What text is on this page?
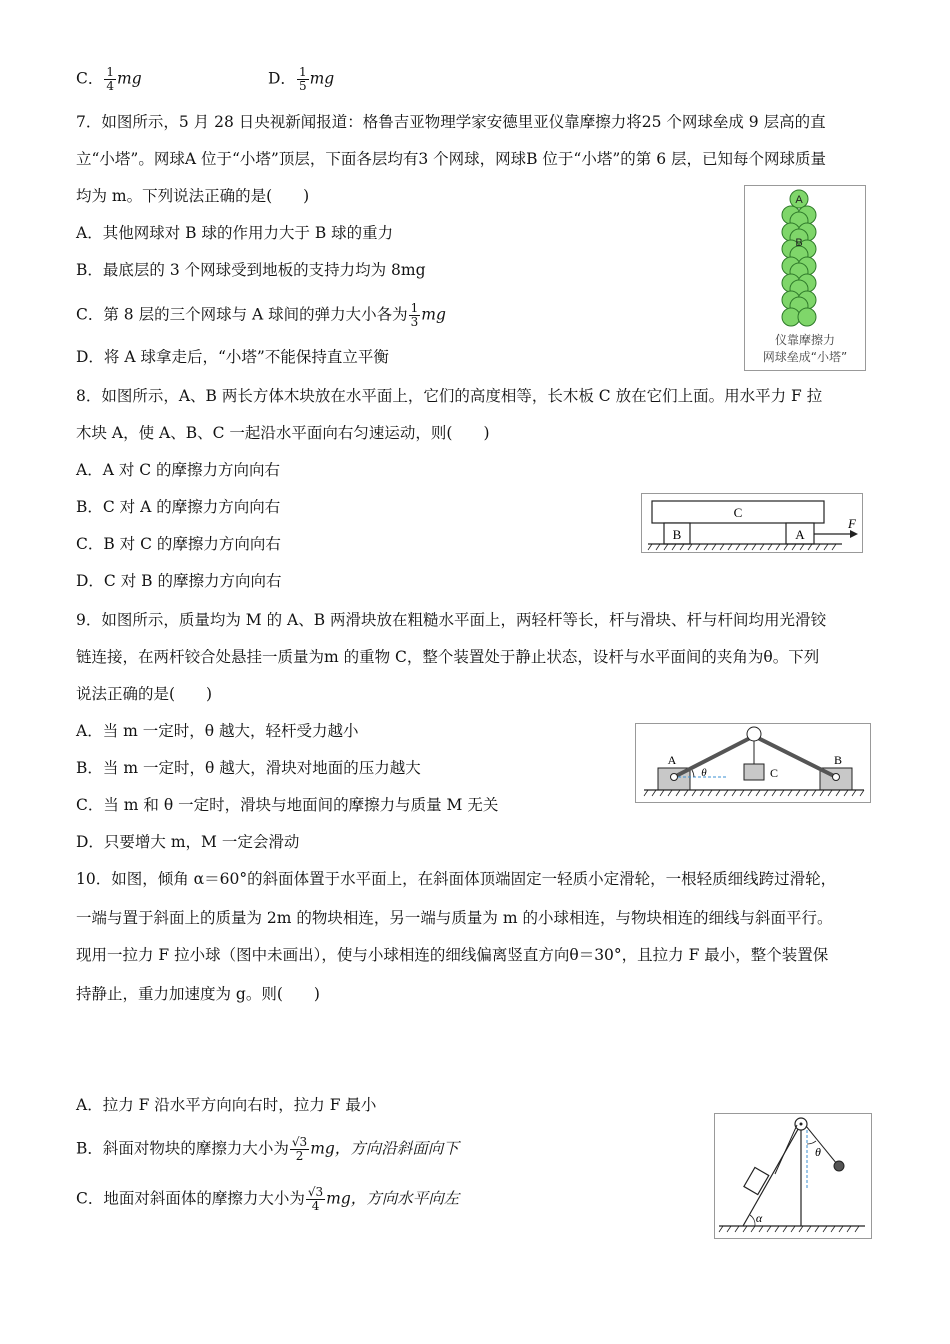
C． $\frac{1}{4}$ mg	D． $\frac{1}{5}$ mg
7．如图所示，5 月 28 日央视新闻报道：格鲁吉亚物理学家安德里亚仪靠摩擦力将25 个网球垒成 9 层高的直
立“小塔”。网球A 位于“小塔”顶层，下面各层均有3 个网球，网球B 位于“小塔”的第 6 层，已知每个网球质量
均为 m。下列说法正确的是(　　)
A．其他网球对 B 球的作用力大于 B 球的重力
B．最底层的 3 个网球受到地板的支持力均为 8mg
C．第 8 层的三个网球与 A 球间的弹力大小各为 $\frac{1}{3}$ mg
D．将 A 球拿走后，“小塔”不能保持直立平衡
A
B
仪靠摩擦力
网球垒成“小塔”
8．如图所示，A、B 两长方体木块放在水平面上，它们的高度相等，长木板 C 放在它们上面。用水平力 F 拉
木块 A，使 A、B、C 一起沿水平面向右匀速运动，则(　　)
A．A 对 C 的摩擦力方向向右
B．C 对 A 的摩擦力方向向右
C．B 对 C 的摩擦力方向向右
D．C 对 B 的摩擦力方向向右
C
B	A
F
9．如图所示，质量均为 M 的 A、B 两滑块放在粗糙水平面上，两轻杆等长，杆与滑块、杆与杆间均用光滑铰
链连接，在两杆铰合处悬挂一质量为m 的重物 C，整个装置处于静止状态，设杆与水平面间的夹角为θ。下列
说法正确的是(　　)
A．当 m 一定时，θ 越大，轻杆受力越小
B．当 m 一定时，θ 越大，滑块对地面的压力越大
C．当 m 和 θ 一定时，滑块与地面间的摩擦力与质量 M 无关
D．只要增大 m，M 一定会滑动
C
A	B
θ
10．如图，倾角 α＝60°的斜面体置于水平面上，在斜面体顶端固定一轻质小定滑轮，一根轻质细线跨过滑轮，
一端与置于斜面上的质量为 2m 的物块相连，另一端与质量为 m 的小球相连，与物块相连的细线与斜面平行。
现用一拉力 F 拉小球（图中未画出），使与小球相连的细线偏离竖直方向θ＝30°，且拉力 F 最小，整个装置保
持静止，重力加速度为 g。则(　　)
A．拉力 F 沿水平方向向右时，拉力 F 最小
B．斜面对物块的摩擦力大小为 $\frac{√3}{2}$ mg，方向沿斜面向下
C．地面对斜面体的摩擦力大小为 $\frac{√3}{4}$ mg，方向水平向左
θ
α
